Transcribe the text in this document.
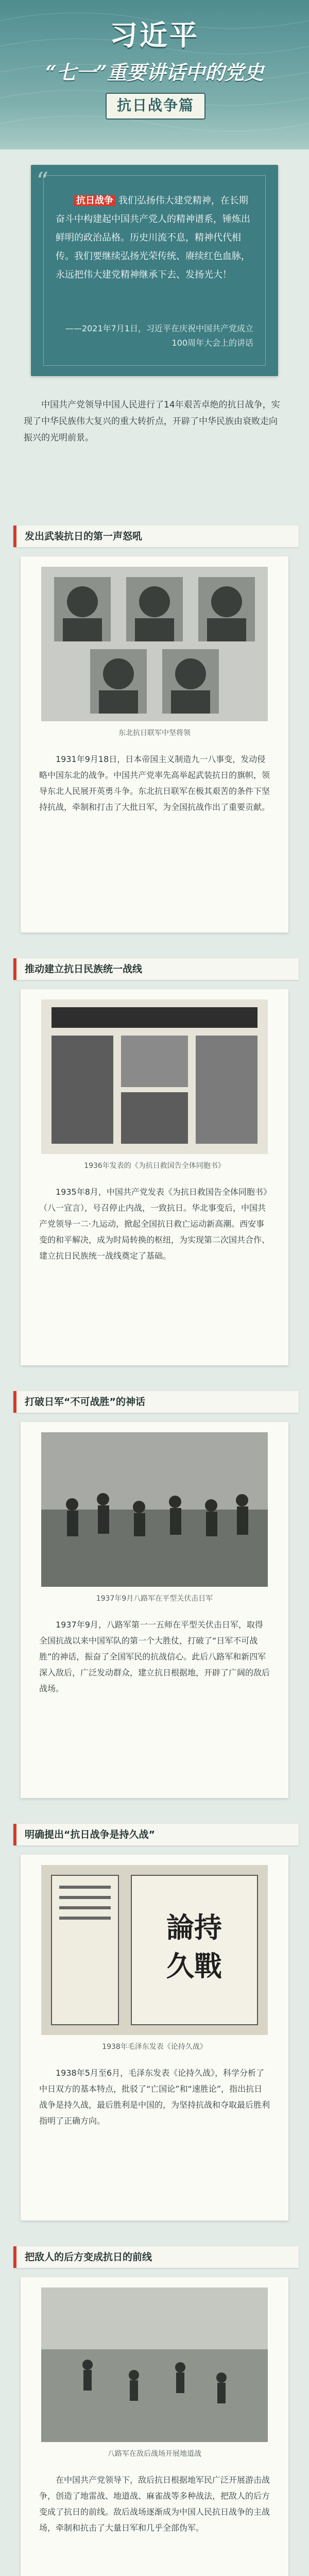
习近平
“七一”重要讲话中的党史
抗日战争篇
“
抗日战争 我们弘扬伟大建党精神，在长期奋斗中构建起中国共产党人的精神谱系，锤炼出鲜明的政治品格。历史川流不息，精神代代相传。我们要继续弘扬光荣传统、赓续红色血脉，永远把伟大建党精神继承下去、发扬光大！
——2021年7月1日，习近平在庆祝中国共产党成立100周年大会上的讲话
中国共产党领导中国人民进行了14年艰苦卓绝的抗日战争，实现了中华民族伟大复兴的重大转折点，开辟了中华民族由衰败走向振兴的光明前景。
发出武装抗日的第一声怒吼
东北抗日联军中坚将领
1931年9月18日，日本帝国主义制造九一八事变，发动侵略中国东北的战争。中国共产党率先高举起武装抗日的旗帜，领导东北人民展开英勇斗争。东北抗日联军在极其艰苦的条件下坚持抗战，牵制和打击了大批日军，为全国抗战作出了重要贡献。
推动建立抗日民族统一战线
1936年发表的《为抗日救国告全体同胞书》
1935年8月，中国共产党发表《为抗日救国告全体同胞书》（八一宣言），号召停止内战，一致抗日。华北事变后，中国共产党领导一二·九运动，掀起全国抗日救亡运动新高潮。西安事变的和平解决，成为时局转换的枢纽，为实现第二次国共合作、建立抗日民族统一战线奠定了基础。
打破日军“不可战胜”的神话
1937年9月八路军在平型关伏击日军
1937年9月，八路军第一一五师在平型关伏击日军，取得全国抗战以来中国军队的第一个大胜仗，打破了“日军不可战胜”的神话，振奋了全国军民的抗战信心。此后八路军和新四军深入敌后，广泛发动群众，建立抗日根据地，开辟了广阔的敌后战场。
明确提出“抗日战争是持久战”
論持
久戰
1938年毛泽东发表《论持久战》
1938年5月至6月，毛泽东发表《论持久战》，科学分析了中日双方的基本特点，批驳了“亡国论”和“速胜论”，指出抗日战争是持久战，最后胜利是中国的，为坚持抗战和夺取最后胜利指明了正确方向。
把敌人的后方变成抗日的前线
八路军在敌后战场开展地道战
在中国共产党领导下，敌后抗日根据地军民广泛开展游击战争，创造了地雷战、地道战、麻雀战等多种战法，把敌人的后方变成了抗日的前线。敌后战场逐渐成为中国人民抗日战争的主战场，牵制和抗击了大量日军和几乎全部伪军。
